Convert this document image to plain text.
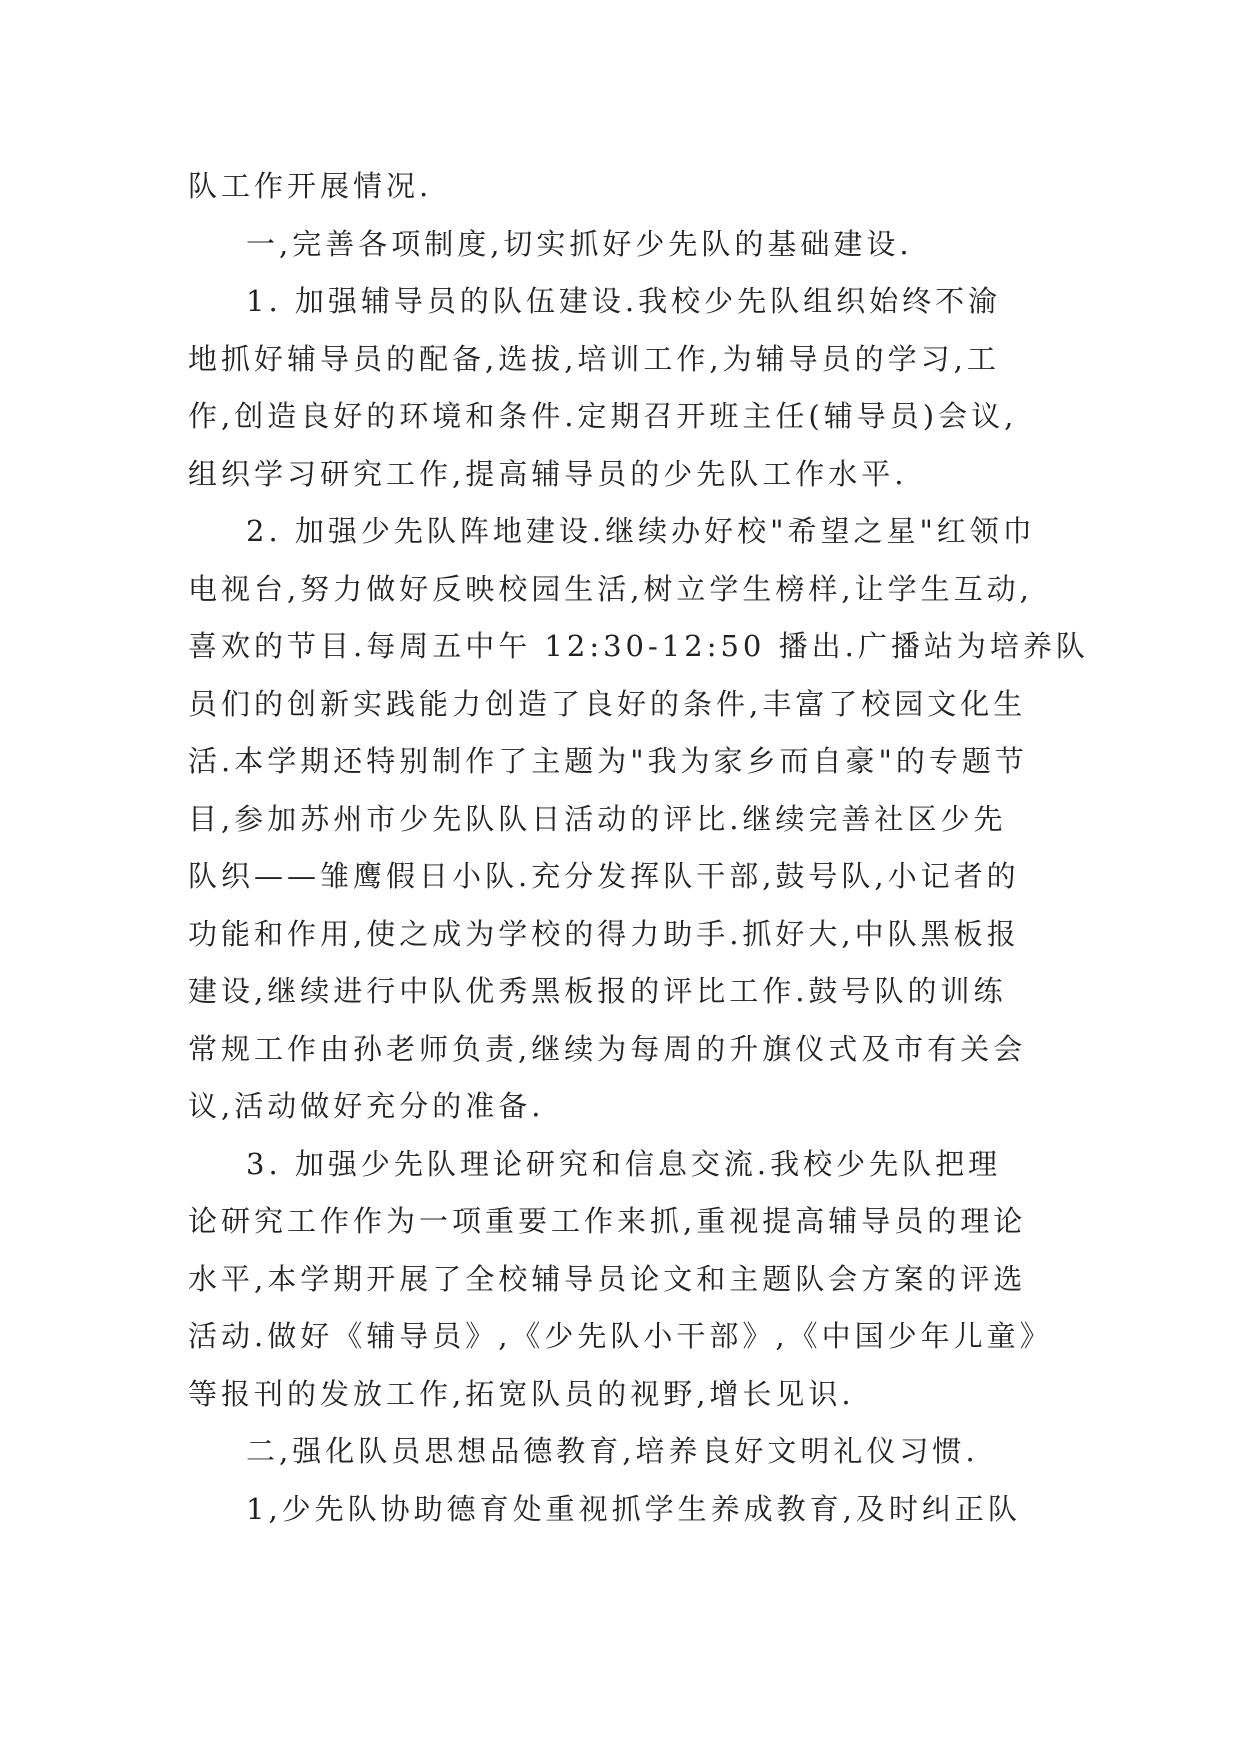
队工作开展情况.
一,完善各项制度,切实抓好少先队的基础建设.
1. 加强辅导员的队伍建设.我校少先队组织始终不渝
地抓好辅导员的配备,选拔,培训工作,为辅导员的学习,工
作,创造良好的环境和条件.定期召开班主任(辅导员)会议,
组织学习研究工作,提高辅导员的少先队工作水平.
2. 加强少先队阵地建设.继续办好校"希望之星"红领巾
电视台,努力做好反映校园生活,树立学生榜样,让学生互动,
喜欢的节目.每周五中午 12:30-12:50 播出.广播站为培养队
员们的创新实践能力创造了良好的条件,丰富了校园文化生
活.本学期还特别制作了主题为"我为家乡而自豪"的专题节
目,参加苏州市少先队队日活动的评比.继续完善社区少先
队织——雏鹰假日小队.充分发挥队干部,鼓号队,小记者的
功能和作用,使之成为学校的得力助手.抓好大,中队黑板报
建设,继续进行中队优秀黑板报的评比工作.鼓号队的训练
常规工作由孙老师负责,继续为每周的升旗仪式及市有关会
议,活动做好充分的准备.
3. 加强少先队理论研究和信息交流.我校少先队把理
论研究工作作为一项重要工作来抓,重视提高辅导员的理论
水平,本学期开展了全校辅导员论文和主题队会方案的评选
活动.做好《辅导员》,《少先队小干部》,《中国少年儿童》
等报刊的发放工作,拓宽队员的视野,增长见识.
二,强化队员思想品德教育,培养良好文明礼仪习惯.
1,少先队协助德育处重视抓学生养成教育,及时纠正队
